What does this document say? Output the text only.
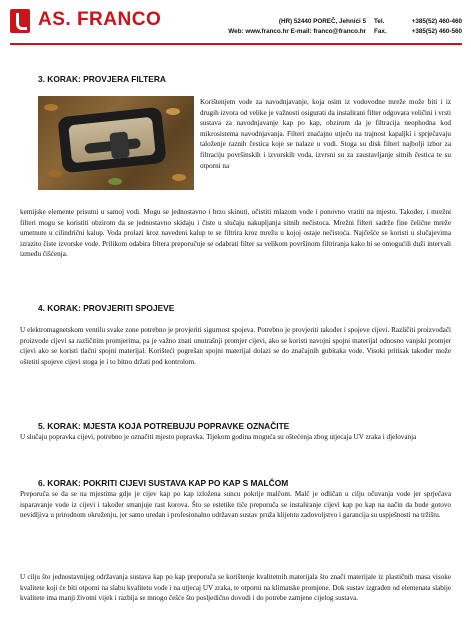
AS. FRANCO	(HR) 52440 POREČ, Jehnići 5
Web: www.franco.hr E-mail: franco@franco.hr
Tel.	+385(52) 460-460
Fax.	+385(52) 460-560
3. KORAK: PROVJERA FILTERA

Korištenjem vode za navodnjavanje, koja osim iz vodovodne mreže može biti i iz drugih izvora od velike je važnosti osigurati da instalirani filter odgovara veličini i vrsti sustava za navodnjavanje kap po kap, obzirom da je filtracija neophodna kod mikrosistema navodnjavanja. Filteri značajno utječu na trajnost kapaljki i sprječavaju taloženje raznih čestica koje se nalaze u vodi. Stoga su disk filteri najbolji izbor za filtraciju površinskih i izvorskih voda, izvrsni su za zaustavljanje sitnih čestica te su otporni na

kemijske elemente prisutni u samoj vodi. Mogu se jednostavno i brzo skinuti, očistiti mlazom vode i ponovno vratiti na mjesto. Također, i mrežni filteri mogu se koristiti obzirom da se jednostavno skidaju i čiste u slučaju nakupljanja sitnih nečistoca. Mrežni filteri sadrže fine čelične mreže umetnute u cilindrični kalup. Voda prolazi kroz navedeni kalup te se filtrira kroz mrežu u kojoj ostaje nečistoća. Najčešće se koristi u slučajevima izrazito čiste izvorske vode. Prilikom odabira filtera preporučuje se odabrati filter sa velikom površinom filtriranja kako bi se omogućili duži intervali između čišćenja.

4. KORAK: PROVJERITI SPOJEVE

U elektromagnetskom ventilu svake zone potrebno je provjeriti sigurnost spojeva. Potrebno je provjeriti također i spojeve cijevi. Različiti proizvođači proizvode cijevi sa različitim promjerima, pa je važno znati unutrašnji promjer cijevi, ako se koristi navojni spojni materijal odnosno vanjski promjer cijevi ako se koristi tlačni spojni materijal. Korišteći pogrešan spojni materijal dolazi se do značajnih gubitaka vode. Visoki pritisak također može oštetiti spojeve cijevi stoga je i to bitno držati pod kontrolom.

5. KORAK: MJESTA KOJA POTREBUJU POPRAVKE OZNAČITE

U slučaju popravka cijevi, potrebno je označiti mjesto popravka. Tijekom godina moguća su oštećenja zbog utjecaja UV zraka i djelovanja

6. KORAK: POKRITI CIJEVI SUSTAVA KAP PO KAP S MALČOM

Preporuča se da se na mjestima gdje je cijev kap po kap izložena suncu pokrije malčom. Malč je odličan u cilju očuvanja vode jer sprječava isparavanje vode iz cijevi i također smanjuje rast korova. Što se estetike tiče preporuča se instaliranje cijevi kap po kap na način da bude gotovo nevidljiva u prirodnom okruženju, jer samo uredan i profesionalno održavan sustav pruža klijentu zadovoljstvo i garancija su uspješnosti na tržištu.

U cilju što jednostavnijeg održavanja sustava kap po kap preporuča se korištenje kvalitetnih materijala što znači materijale iz plastičnih masa visoke kvalitete koji će biti otporni na slabu kvalitetu vode i na utjecaj UV zraka, te otporni na klimatske promjene. Dok sustav izgrađen od elemenata slabije kvalitete ima manji životni vijek i razbija se mnogo češće što posljedično dovodi i do potrebe zamjene cijelog sustava.
